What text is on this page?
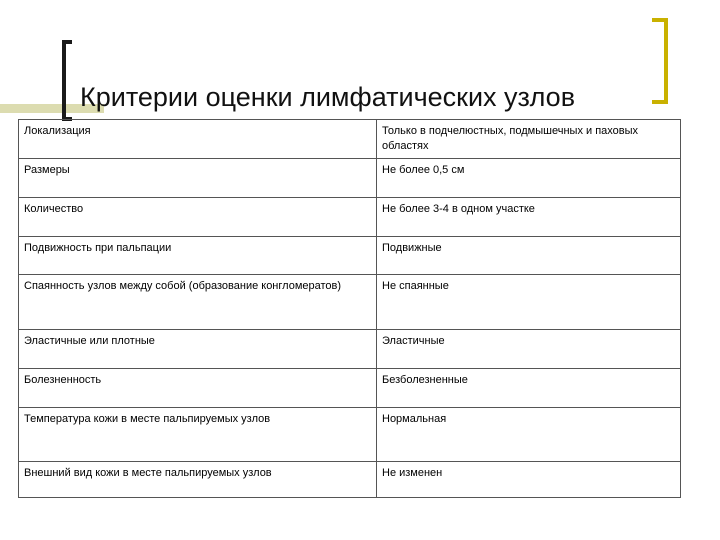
Критерии оценки лимфатических узлов
Локализация	Только в подчелюстных, подмышечных и паховых областях
Размеры	Не более 0,5 см
Количество	Не более 3-4 в одном участке
Подвижность при пальпации	Подвижные
Спаянность узлов между собой (образование конгломератов)	Не спаянные
Эластичные или плотные	Эластичные
Болезненность	Безболезненные
Температура кожи в месте пальпируемых узлов	Нормальная
Внешний вид кожи в месте пальпируемых узлов	Не изменен
